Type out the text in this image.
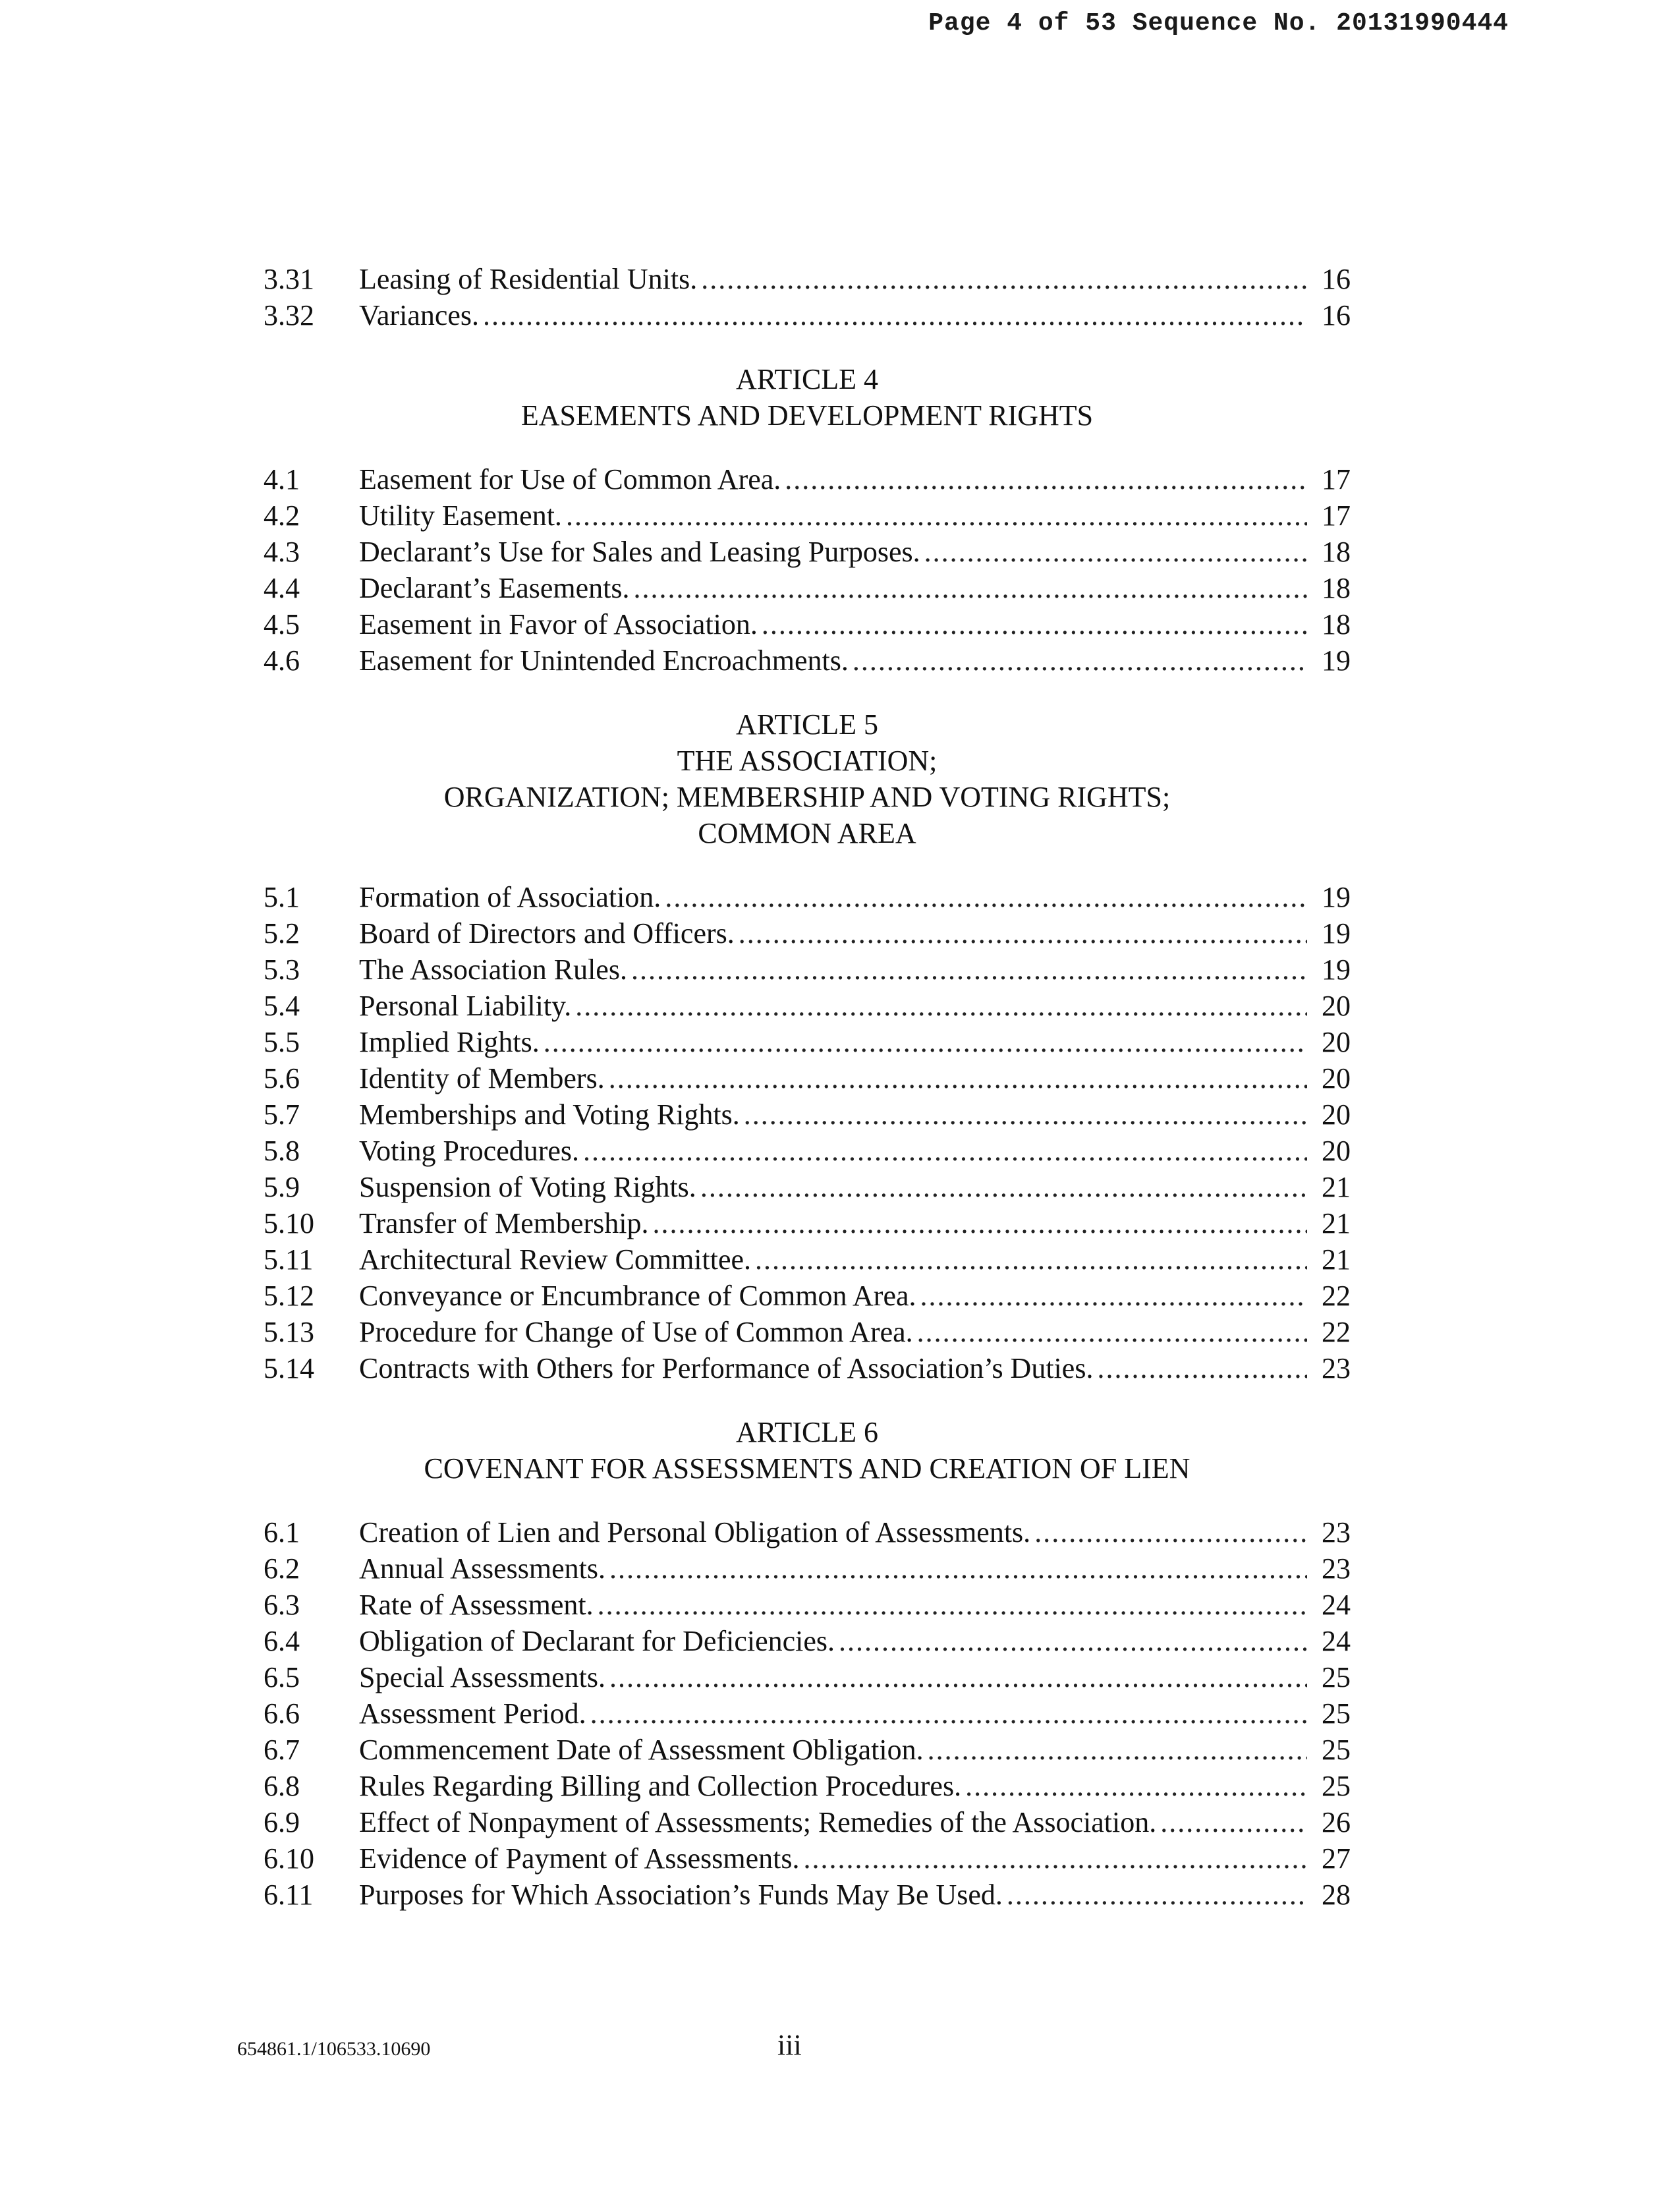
Page 4 of 53 Sequence No. 20131990444
3.31	Leasing of Residential Units. .....	16
3.32	Variances. .....	16
ARTICLE 4
EASEMENTS AND DEVELOPMENT RIGHTS
4.1	Easement for Use of Common Area. .....	17
4.2	Utility Easement. .....	17
4.3	Declarant’s Use for Sales and Leasing Purposes. .....	18
4.4	Declarant’s Easements. .....	18
4.5	Easement in Favor of Association. .....	18
4.6	Easement for Unintended Encroachments. .....	19
ARTICLE 5
THE ASSOCIATION;
ORGANIZATION; MEMBERSHIP AND VOTING RIGHTS;
COMMON AREA
5.1	Formation of Association. .....	19
5.2	Board of Directors and Officers. .....	19
5.3	The Association Rules. .....	19
5.4	Personal Liability. .....	20
5.5	Implied Rights. .....	20
5.6	Identity of Members. .....	20
5.7	Memberships and Voting Rights. .....	20
5.8	Voting Procedures. .....	20
5.9	Suspension of Voting Rights. .....	21
5.10	Transfer of Membership. .....	21
5.11	Architectural Review Committee. .....	21
5.12	Conveyance or Encumbrance of Common Area. .....	22
5.13	Procedure for Change of Use of Common Area. .....	22
5.14	Contracts with Others for Performance of Association’s Duties. .....	23
ARTICLE 6
COVENANT FOR ASSESSMENTS AND CREATION OF LIEN
6.1	Creation of Lien and Personal Obligation of Assessments. .....	23
6.2	Annual Assessments. .....	23
6.3	Rate of Assessment. .....	24
6.4	Obligation of Declarant for Deficiencies. .....	24
6.5	Special Assessments. .....	25
6.6	Assessment Period. .....	25
6.7	Commencement Date of Assessment Obligation. .....	25
6.8	Rules Regarding Billing and Collection Procedures. .....	25
6.9	Effect of Nonpayment of Assessments; Remedies of the Association. .....	26
6.10	Evidence of Payment of Assessments. .....	27
6.11	Purposes for Which Association’s Funds May Be Used. .....	28
654861.1/106533.10690	iii
